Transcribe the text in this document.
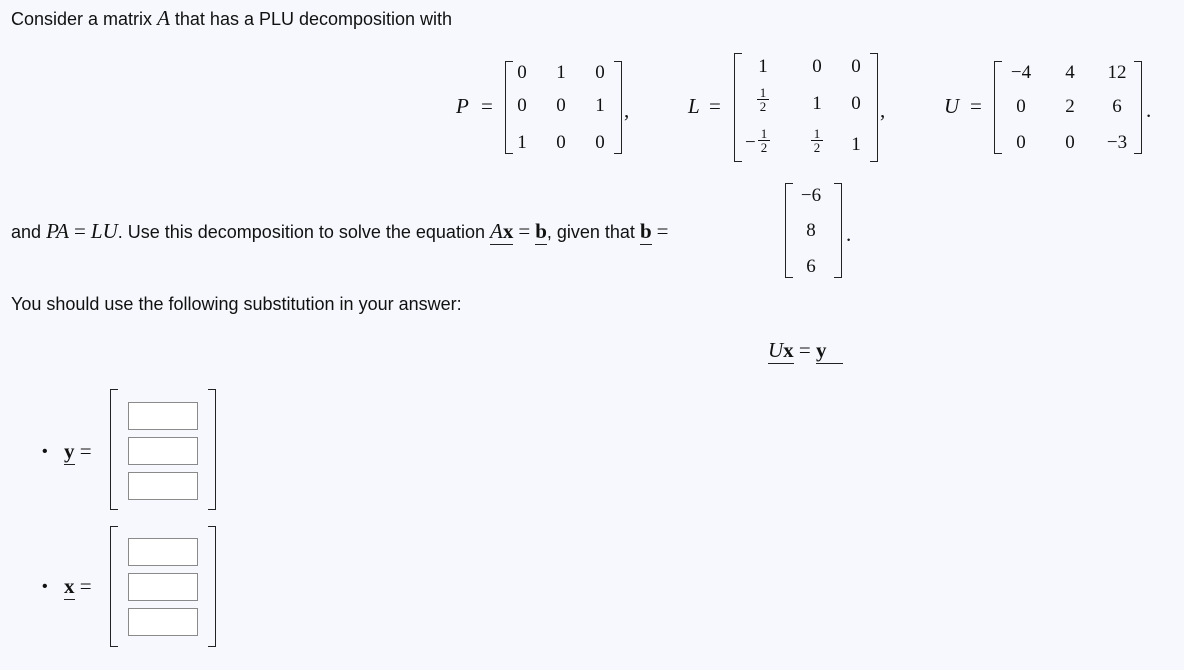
Consider a matrix A that has a PLU decomposition with
P =
0	1	0
0	0	1
1	0	0
,	L =
1	0	0
$\frac{1}{2}$	1	0
− $\frac{1}{2}$	$\frac{1}{2}$	1
,	U =
−4	4	12
0	2	6
0	0	−3
.
and PA = LU. Use this decomposition to solve the equation Ax = b, given that b =
−6
8
6
.
You should use the following substitution in your answer:
Ux = y
• y =
• x =
